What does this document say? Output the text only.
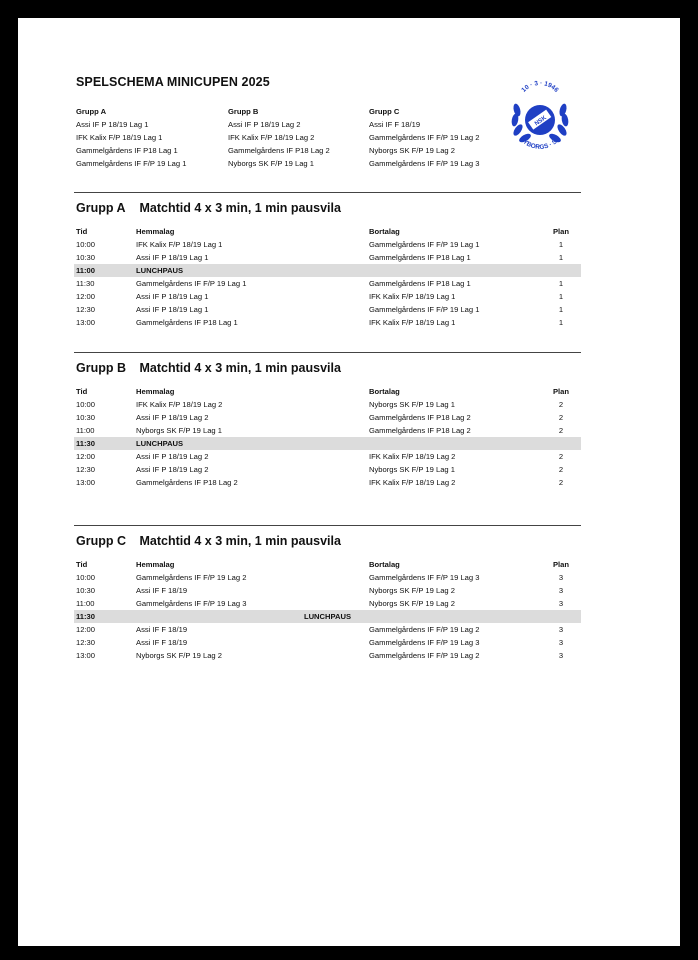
SPELSCHEMA MINICUPEN 2025
Grupp A
Assi IF P 18/19 Lag 1
IFK Kalix F/P 18/19 Lag 1
Gammelgårdens IF P18 Lag 1
Gammelgårdens IF F/P 19 Lag 1
Grupp B
Assi IF P 18/19 Lag 2
IFK Kalix F/P 18/19 Lag 2
Gammelgårdens IF P18 Lag 2
Nyborgs SK F/P 19 Lag 1
Grupp C
Assi IF F 18/19
Gammelgårdens IF F/P 19 Lag 2
Nyborgs SK F/P 19 Lag 2
Gammelgårdens IF F/P 19 Lag 3
NSK
10 · 3 · 1946
NYBORGS · SK
Grupp A Matchtid 4 x 3 min, 1 min pausvila
Tid	Hemmalag	Bortalag	Plan
10:00	IFK Kalix F/P 18/19 Lag 1	Gammelgårdens IF F/P 19 Lag 1	1
10:30	Assi IF P 18/19 Lag 1	Gammelgårdens IF P18 Lag 1	1
11:00	LUNCHPAUS
11:30	Gammelgårdens IF F/P 19 Lag 1	Gammelgårdens IF P18 Lag 1	1
12:00	Assi IF P 18/19 Lag 1	IFK Kalix F/P 18/19 Lag 1	1
12:30	Assi IF P 18/19 Lag 1	Gammelgårdens IF F/P 19 Lag 1	1
13:00	Gammelgårdens IF P18 Lag 1	IFK Kalix F/P 18/19 Lag 1	1
Grupp B Matchtid 4 x 3 min, 1 min pausvila
Tid	Hemmalag	Bortalag	Plan
10:00	IFK Kalix F/P 18/19 Lag 2	Nyborgs SK F/P 19 Lag 1	2
10:30	Assi IF P 18/19 Lag 2	Gammelgårdens IF P18 Lag 2	2
11:00	Nyborgs SK F/P 19 Lag 1	Gammelgårdens IF P18 Lag 2	2
11:30	LUNCHPAUS
12:00	Assi IF P 18/19 Lag 2	IFK Kalix F/P 18/19 Lag 2	2
12:30	Assi IF P 18/19 Lag 2	Nyborgs SK F/P 19 Lag 1	2
13:00	Gammelgårdens IF P18 Lag 2	IFK Kalix F/P 18/19 Lag 2	2
Grupp C Matchtid 4 x 3 min, 1 min pausvila
Tid	Hemmalag	Bortalag	Plan
10:00	Gammelgårdens IF F/P 19 Lag 2	Gammelgårdens IF F/P 19 Lag 3	3
10:30	Assi IF F 18/19	Nyborgs SK F/P 19 Lag 2	3
11:00	Gammelgårdens IF F/P 19 Lag 3	Nyborgs SK F/P 19 Lag 2	3
11:30	LUNCHPAUS
12:00	Assi IF F 18/19	Gammelgårdens IF F/P 19 Lag 2	3
12:30	Assi IF F 18/19	Gammelgårdens IF F/P 19 Lag 3	3
13:00	Nyborgs SK F/P 19 Lag 2	Gammelgårdens IF F/P 19 Lag 2	3
